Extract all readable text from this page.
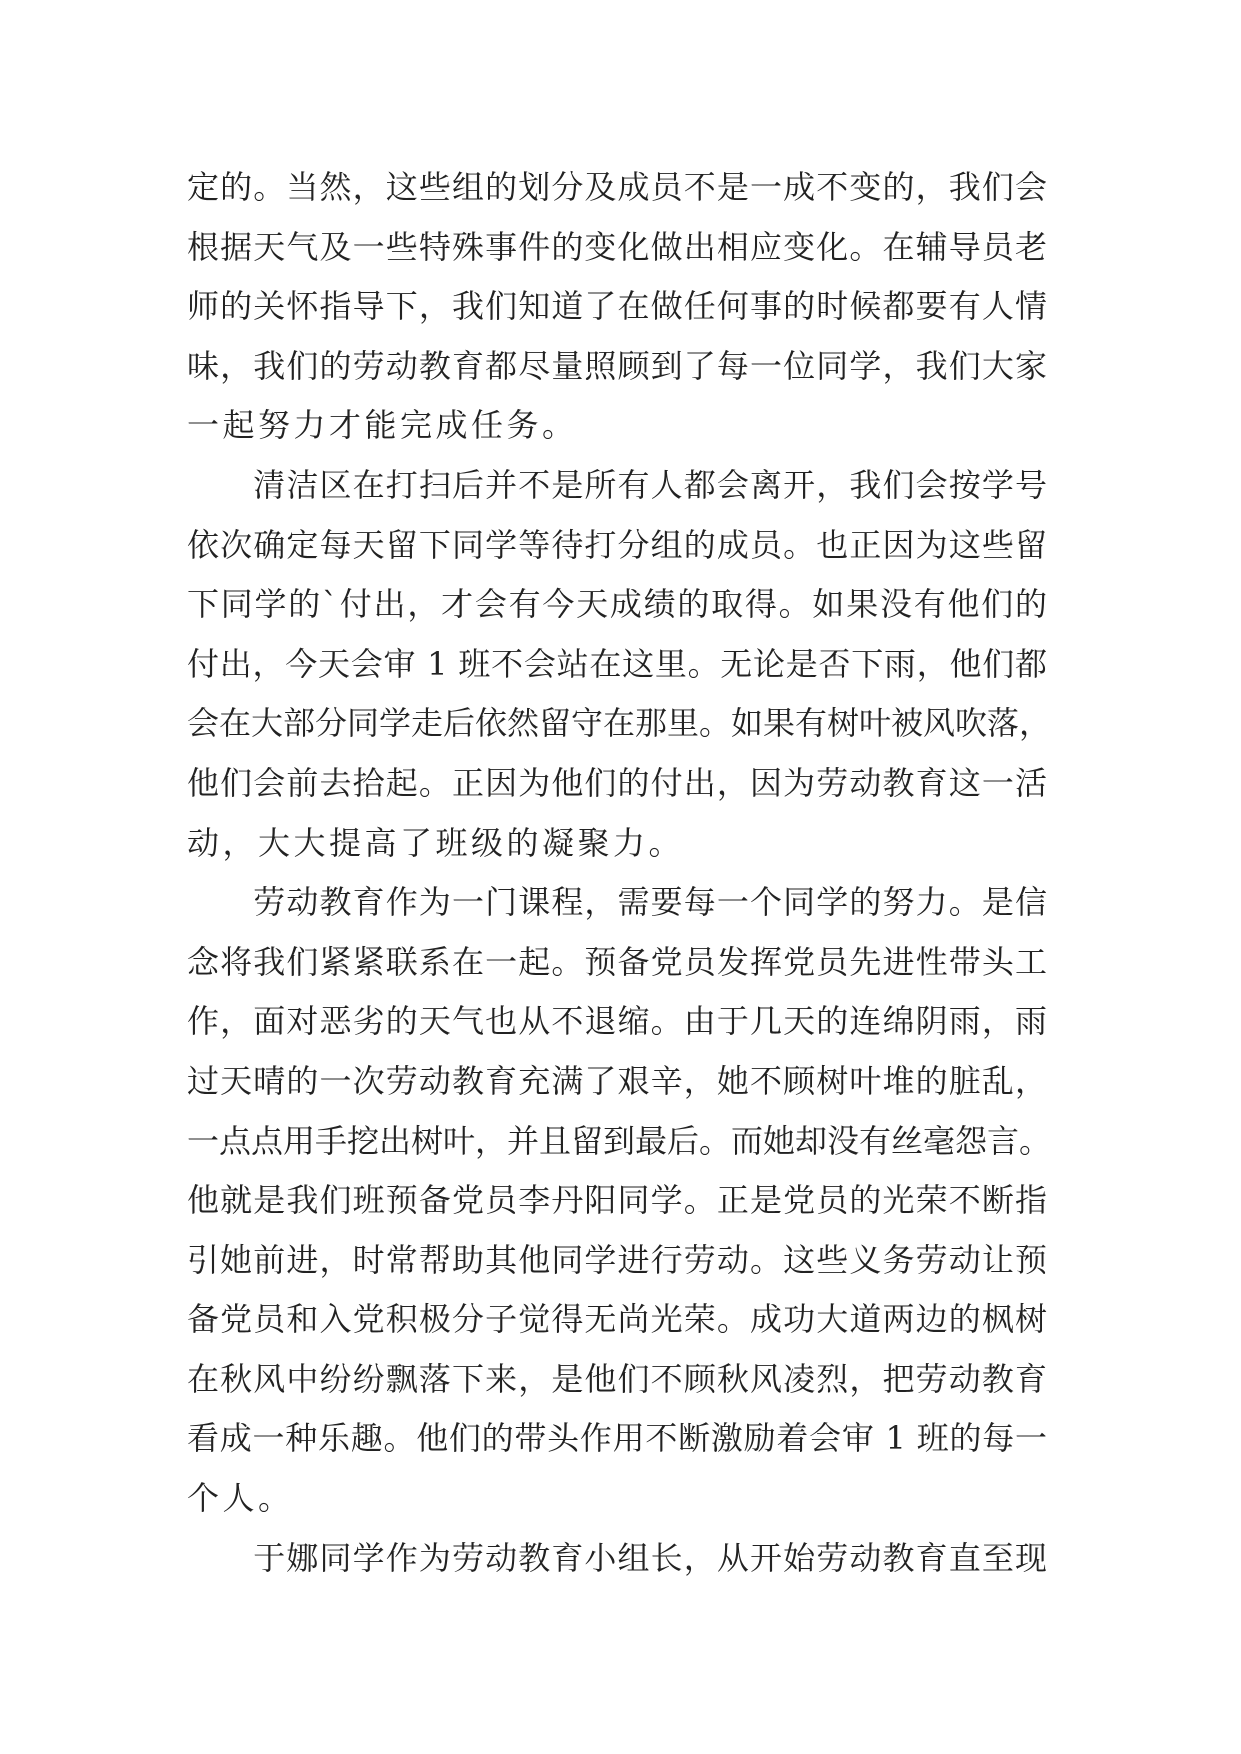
定的。当然，这些组的划分及成员不是一成不变的，我们会
根据天气及一些特殊事件的变化做出相应变化。在辅导员老
师的关怀指导下，我们知道了在做任何事的时候都要有人情
味，我们的劳动教育都尽量照顾到了每一位同学，我们大家
一起努力才能完成任务。
　　清洁区在打扫后并不是所有人都会离开，我们会按学号
依次确定每天留下同学等待打分组的成员。也正因为这些留
下同学的`付出，才会有今天成绩的取得。如果没有他们的
付出，今天会审 1 班不会站在这里。无论是否下雨，他们都
会在大部分同学走后依然留守在那里。如果有树叶被风吹落，
他们会前去拾起。正因为他们的付出，因为劳动教育这一活
动，大大提高了班级的凝聚力。
　　劳动教育作为一门课程，需要每一个同学的努力。是信
念将我们紧紧联系在一起。预备党员发挥党员先进性带头工
作，面对恶劣的天气也从不退缩。由于几天的连绵阴雨，雨
过天晴的一次劳动教育充满了艰辛，她不顾树叶堆的脏乱，
一点点用手挖出树叶，并且留到最后。而她却没有丝毫怨言。
他就是我们班预备党员李丹阳同学。正是党员的光荣不断指
引她前进，时常帮助其他同学进行劳动。这些义务劳动让预
备党员和入党积极分子觉得无尚光荣。成功大道两边的枫树
在秋风中纷纷飘落下来，是他们不顾秋风凌烈，把劳动教育
看成一种乐趣。他们的带头作用不断激励着会审 1 班的每一
个人。
　　于娜同学作为劳动教育小组长，从开始劳动教育直至现
